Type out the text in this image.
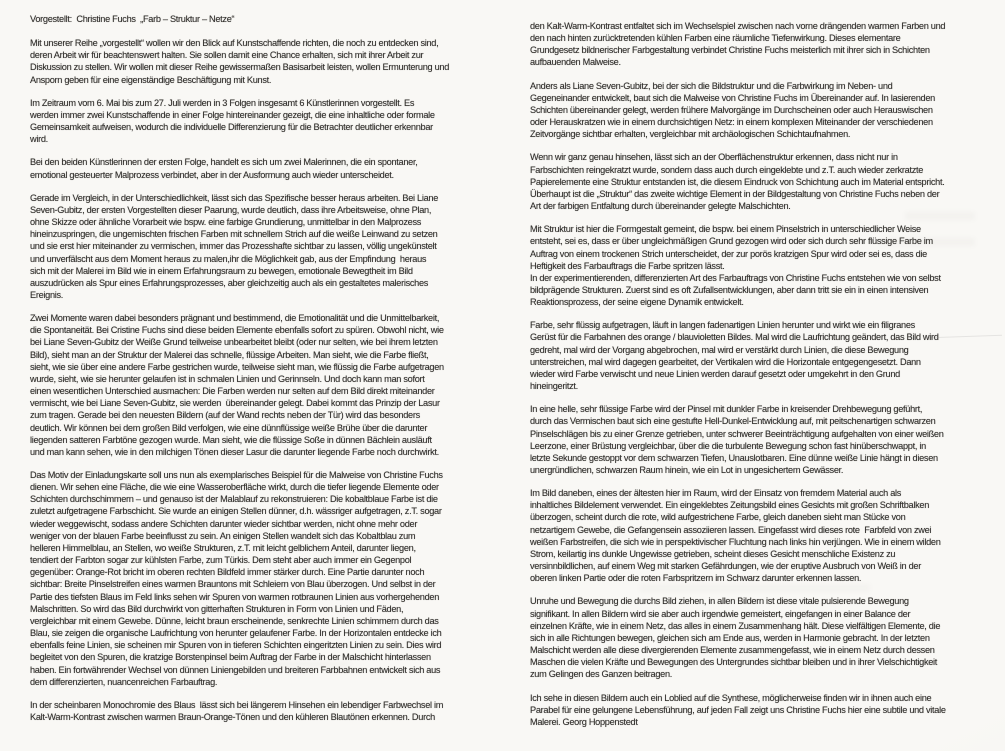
Vorgestellt:  Christine Fuchs  „Farb – Struktur – Netze“
Mit unserer Reihe „vorgestellt“ wollen wir den Blick auf Kunstschaffende richten, die noch zu entdecken sind,
deren Arbeit wir für beachtenswert halten. Sie sollen damit eine Chance erhalten, sich mit ihrer Arbeit zur
Diskussion zu stellen. Wir wollen mit dieser Reihe gewissermaßen Basisarbeit leisten, wollen Ermunterung und
Ansporn geben für eine eigenständige Beschäftigung mit Kunst.
Im Zeitraum vom 6. Mai bis zum 27. Juli werden in 3 Folgen insgesamt 6 Künstlerinnen vorgestellt. Es
werden immer zwei Kunstschaffende in einer Folge hintereinander gezeigt, die eine inhaltliche oder formale
Gemeinsamkeit aufweisen, wodurch die individuelle Differenzierung für die Betrachter deutlicher erkennbar
wird.
Bei den beiden Künstlerinnen der ersten Folge, handelt es sich um zwei Malerinnen, die ein spontaner,
emotional gesteuerter Malprozess verbindet, aber in der Ausformung auch wieder unterscheidet.
Gerade im Vergleich, in der Unterschiedlichkeit, lässt sich das Spezifische besser heraus arbeiten. Bei Liane
Seven-Gubitz, der ersten Vorgestellten dieser Paarung, wurde deutlich, dass ihre Arbeitsweise, ohne Plan,
ohne Skizze oder ähnliche Vorarbeit wie bspw. eine farbige Grundierung, unmittelbar in den Malprozess
hineinzuspringen, die ungemischten frischen Farben mit schnellem Strich auf die weiße Leinwand zu setzen
und sie erst hier miteinander zu vermischen, immer das Prozesshafte sichtbar zu lassen, völlig ungekünstelt
und unverfälscht aus dem Moment heraus zu malen,ihr die Möglichkeit gab, aus der Empfindung  heraus
sich mit der Malerei im Bild wie in einem Erfahrungsraum zu bewegen, emotionale Bewegtheit im Bild
auszudrücken als Spur eines Erfahrungsprozesses, aber gleichzeitig auch als ein gestaltetes malerisches
Ereignis.
Zwei Momente waren dabei besonders prägnant und bestimmend, die Emotionalität und die Unmittelbarkeit,
die Spontaneität. Bei Cristine Fuchs sind diese beiden Elemente ebenfalls sofort zu spüren. Obwohl nicht, wie
bei Liane Seven-Gubitz der Weiße Grund teilweise unbearbeitet bleibt (oder nur selten, wie bei ihrem letzten
Bild), sieht man an der Struktur der Malerei das schnelle, flüssige Arbeiten. Man sieht, wie die Farbe fließt,
sieht, wie sie über eine andere Farbe gestrichen wurde, teilweise sieht man, wie flüssig die Farbe aufgetragen
wurde, sieht, wie sie herunter gelaufen ist in schmalen Linien und Gerinnseln. Und doch kann man sofort
einen wesentlichen Unterschied ausmachen: Die Farben werden nur selten auf dem Bild direkt miteinander
vermischt, wie bei Liane Seven-Gubitz, sie werden  übereinander gelegt. Dabei kommt das Prinzip der Lasur
zum tragen. Gerade bei den neuesten Bildern (auf der Wand rechts neben der Tür) wird das besonders
deutlich. Wir können bei dem großen Bild verfolgen, wie eine dünnflüssige weiße Brühe über die darunter
liegenden satteren Farbtöne gezogen wurde. Man sieht, wie die flüssige Soße in dünnen Bächlein ausläuft
und man kann sehen, wie in den milchigen Tönen dieser Lasur die darunter liegende Farbe noch durchwirkt.
Das Motiv der Einladungskarte soll uns nun als exemplarisches Beispiel für die Malweise von Christine Fuchs
dienen. Wir sehen eine Fläche, die wie eine Wasseroberfläche wirkt, durch die tiefer liegende Elemente oder
Schichten durchschimmern – und genauso ist der Malablauf zu rekonstruieren: Die kobaltblaue Farbe ist die
zuletzt aufgetragene Farbschicht. Sie wurde an einigen Stellen dünner, d.h. wässriger aufgetragen, z.T. sogar
wieder weggewischt, sodass andere Schichten darunter wieder sichtbar werden, nicht ohne mehr oder
weniger von der blauen Farbe beeinflusst zu sein. An einigen Stellen wandelt sich das Kobaltblau zum
helleren Himmelblau, an Stellen, wo weiße Strukturen, z.T. mit leicht gelblichem Anteil, darunter liegen,
tendiert der Farbton sogar zur kühlsten Farbe, zum Türkis. Dem steht aber auch immer ein Gegenpol
gegenüber: Orange-Rot bricht im oberen rechten Bildfeld immer stärker durch. Eine Partie darunter noch
sichtbar: Breite Pinselstreifen eines warmen Brauntons mit Schleiern von Blau überzogen. Und selbst in der
Partie des tiefsten Blaus im Feld links sehen wir Spuren von warmen rotbraunen Linien aus vorhergehenden
Malschritten. So wird das Bild durchwirkt von gitterhaften Strukturen in Form von Linien und Fäden,
vergleichbar mit einem Gewebe. Dünne, leicht braun erscheinende, senkrechte Linien schimmern durch das
Blau, sie zeigen die organische Laufrichtung von herunter gelaufener Farbe. In der Horizontalen entdecke ich
ebenfalls feine Linien, sie scheinen mir Spuren von in tieferen Schichten eingeritzten Linien zu sein. Dies wird
begleitet von den Spuren, die kratzige Borstenpinsel beim Auftrag der Farbe in der Malschicht hinterlassen
haben. Ein fortwährender Wechsel von dünnen Liniengebilden und breiteren Farbbahnen entwickelt sich aus
dem differenzierten, nuancenreichen Farbauftrag.
In der scheinbaren Monochromie des Blaus  lässt sich bei längerem Hinsehen ein lebendiger Farbwechsel im
Kalt-Warm-Kontrast zwischen warmen Braun-Orange-Tönen und den kühleren Blautönen erkennen. Durch
den Kalt-Warm-Kontrast entfaltet sich im Wechselspiel zwischen nach vorne drängenden warmen Farben und
den nach hinten zurücktretenden kühlen Farben eine räumliche Tiefenwirkung. Dieses elementare
Grundgesetz bildnerischer Farbgestaltung verbindet Christine Fuchs meisterlich mit ihrer sich in Schichten
aufbauenden Malweise.
Anders als Liane Seven-Gubitz, bei der sich die Bildstruktur und die Farbwirkung im Neben- und
Gegeneinander entwickelt, baut sich die Malweise von Christine Fuchs im Übereinander auf. In lasierenden
Schichten übereinander gelegt, werden frühere Malvorgänge im Durchscheinen oder auch Herauswischen
oder Herauskratzen wie in einem durchsichtigen Netz: in einem komplexen Miteinander der verschiedenen
Zeitvorgänge sichtbar erhalten, vergleichbar mit archäologischen Schichtaufnahmen.
Wenn wir ganz genau hinsehen, lässt sich an der Oberflächenstruktur erkennen, dass nicht nur in
Farbschichten reingekratzt wurde, sondern dass auch durch eingeklebte und z.T. auch wieder zerkratzte
Papierelemente eine Struktur entstanden ist, die diesem Eindruck von Schichtung auch im Material entspricht.
Überhaupt ist die „Struktur“ das zweite wichtige Element in der Bildgestaltung von Christine Fuchs neben der
Art der farbigen Entfaltung durch übereinander gelegte Malschichten.
Mit Struktur ist hier die Formgestalt gemeint, die bspw. bei einem Pinselstrich in unterschiedlicher Weise
entsteht, sei es, dass er über ungleichmäßigen Grund gezogen wird oder sich durch sehr flüssige Farbe im
Auftrag von einem trockenen Strich unterscheidet, der zur porös kratzigen Spur wird oder sei es, dass die
Heftigkeit des Farbauftrags die Farbe spritzen lässt.
In der experimentierenden, differenzierten Art des Farbauftrags von Christine Fuchs entstehen wie von selbst
bildprägende Strukturen. Zuerst sind es oft Zufallsentwicklungen, aber dann tritt sie ein in einen intensiven
Reaktionsprozess, der seine eigene Dynamik entwickelt.
Farbe, sehr flüssig aufgetragen, läuft in langen fadenartigen Linien herunter und wirkt wie ein filigranes
Gerüst für die Farbahnen des orange / blauvioletten Bildes. Mal wird die Laufrichtung geändert, das Bild wird
gedreht, mal wird der Vorgang abgebrochen, mal wird er verstärkt durch Linien, die diese Bewegung
unterstreichen, mal wird dagegen gearbeitet, der Vertikalen wird die Horizontale entgegengesetzt. Dann
wieder wird Farbe verwischt und neue Linien werden darauf gesetzt oder umgekehrt in den Grund
hineingeritzt.
In eine helle, sehr flüssige Farbe wird der Pinsel mit dunkler Farbe in kreisender Drehbewegung geführt,
durch das Vermischen baut sich eine gestufte Hell-Dunkel-Entwicklung auf, mit peitschenartigen schwarzen
Pinselschlägen bis zu einer Grenze getrieben, unter schwerer Beeinträchtigung aufgehalten von einer weißen
Leerzone, einer Brüstung vergleichbar, über die die turbulente Bewegung schon fast hinüberschwappt, in
letzte Sekunde gestoppt vor dem schwarzen Tiefen, Unauslotbaren. Eine dünne weiße Linie hängt in diesen
unergründlichen, schwarzen Raum hinein, wie ein Lot in ungesichertem Gewässer.
Im Bild daneben, eines der ältesten hier im Raum, wird der Einsatz von fremdem Material auch als
inhaltliches Bildelement verwendet. Ein eingeklebtes Zeitungsbild eines Gesichts mit großen Schriftbalken
überzogen, scheint durch die rote, wild aufgestrichene Farbe, gleich daneben sieht man Stücke von
netzartigem Gewebe, die Gefangensein assoziieren lassen. Eingefasst wird dieses rote  Farbfeld von zwei
weißen Farbstreifen, die sich wie in perspektivischer Fluchtung nach links hin verjüngen. Wie in einem wilden
Strom, keilartig ins dunkle Ungewisse getrieben, scheint dieses Gesicht menschliche Existenz zu
versinnbildlichen, auf einem Weg mit starken Gefährdungen, wie der eruptive Ausbruch von Weiß in der
oberen linken Partie oder die roten Farbspritzern im Schwarz darunter erkennen lassen.
Unruhe und Bewegung die durchs Bild ziehen, in allen Bildern ist diese vitale pulsierende Bewegung
signifikant. In allen Bildern wird sie aber auch irgendwie gemeistert, eingefangen in einer Balance der
einzelnen Kräfte, wie in einem Netz, das alles in einem Zusammenhang hält. Diese vielfältigen Elemente, die
sich in alle Richtungen bewegen, gleichen sich am Ende aus, werden in Harmonie gebracht. In der letzten
Malschicht werden alle diese divergierenden Elemente zusammengefasst, wie in einem Netz durch dessen
Maschen die vielen Kräfte und Bewegungen des Untergrundes sichtbar bleiben und in ihrer Vielschichtigkeit
zum Gelingen des Ganzen beitragen.
Ich sehe in diesen Bildern auch ein Loblied auf die Synthese, möglicherweise finden wir in ihnen auch eine
Parabel für eine gelungene Lebensführung, auf jeden Fall zeigt uns Christine Fuchs hier eine subtile und vitale
Malerei. Georg Hoppenstedt
